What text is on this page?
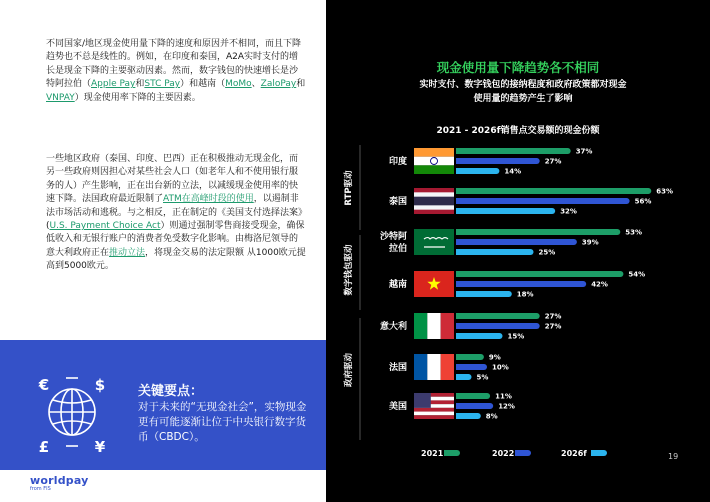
不同国家/地区现金使用量下降的速度和原因并不相同，而且下降趋势也不总是线性的。例如，在印度和泰国，A2A实时支付的增长是现金下降的主要驱动因素。然而，数字钱包的快速增长是沙特阿拉伯（Apple Pay和STC Pay）和越南（MoMo、ZaloPay和VNPAY）现金使用率下降的主要因素。
一些地区政府（泰国、印度、巴西）正在积极推动无现金化，而另一些政府则因担心对某些社会人口（如老年人和不使用银行服务的人）产生影响，正在出台新的立法，以减缓现金使用率的快速下降。法国政府最近限制了ATM在高峰时段的使用，以遏制非法市场活动和逃税。与之相反，正在制定的《美国支付选择法案》(U.S. Payment Choice Act）则通过强制零售商接受现金，确保低收入和无银行账户的消费者免受数字化影响。由梅洛尼领导的意大利政府正在推动立法，将现金交易的法定限额 从1000欧元提高到5000欧元。
€	$
£	¥
关键要点：
对于未来的“无现金社会”，实物现金更有可能逐渐让位于中央银行数字货币（CBDC）。
worldpay
from FIS
现金使用量下降趋势各不相同
实时支付、数字钱包的接纳程度和政府政策都对现金使用量的趋势产生了影响
2021 - 2026f销售点交易额的现金份额
RTP驱动
数字钱包驱动
政府驱动
印度
37%
27%
14%
泰国
63%
56%
32%
沙特阿
拉伯
53%
39%
25%
越南
54%
42%
18%
意大利
27%
27%
15%
法国
9%
10%
5%
美国
11%
12%
8%
2021	2022	2026f	19
